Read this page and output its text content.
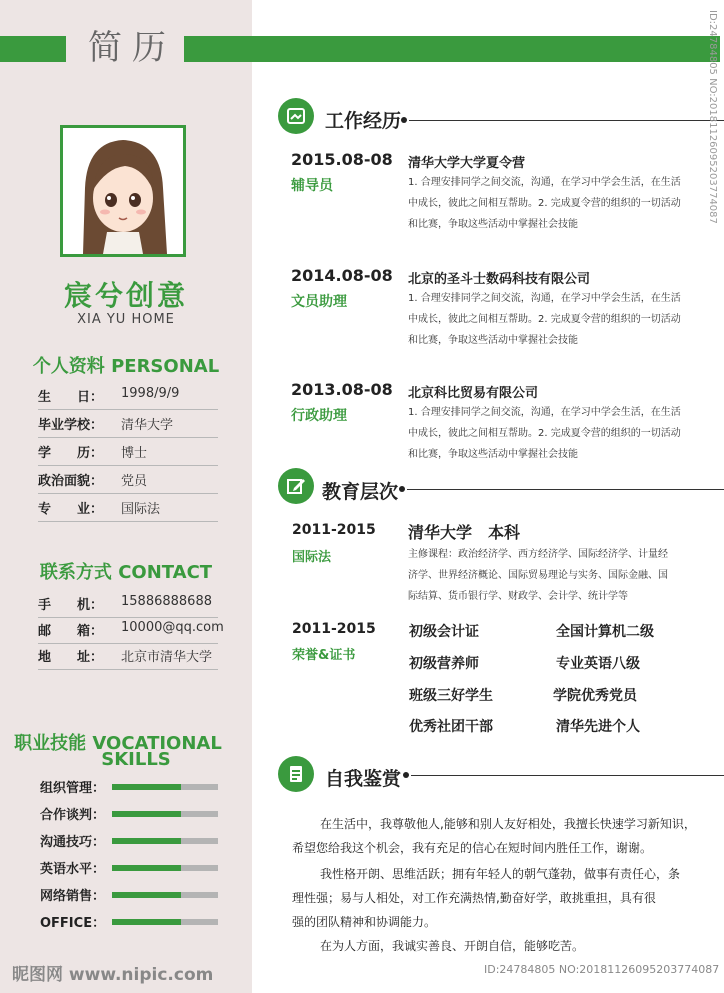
简历
宸兮创意
XIA YU HOME
个人资料 PERSONAL
生　　日： 1998/9/9
毕业学校： 清华大学
学　　历： 博士
政治面貌： 党员
专　　业： 国际法
联系方式 CONTACT
手　　机： 15886888688
邮　　箱： 10000@qq.com
地　　址： 北京市清华大学
职业技能 VOCATIONAL
SKILLS
组织管理：
合作谈判：
沟通技巧：
英语水平：
网络销售：
OFFICE：
工作经历
2015.08-08
辅导员
清华大学大学夏令营
1. 合理安排同学之间交流，沟通，在学习中学会生活，在生活
中成长，彼此之间相互帮助。2. 完成夏令营的组织的一切活动
和比赛，争取这些活动中掌握社会技能
2014.08-08
文员助理
北京的圣斗士数码科技有限公司
1. 合理安排同学之间交流，沟通，在学习中学会生活，在生活
中成长，彼此之间相互帮助。2. 完成夏令营的组织的一切活动
和比赛，争取这些活动中掌握社会技能
2013.08-08
行政助理
北京科比贸易有限公司
1. 合理安排同学之间交流，沟通，在学习中学会生活，在生活
中成长，彼此之间相互帮助。2. 完成夏令营的组织的一切活动
和比赛，争取这些活动中掌握社会技能
教育层次
2011-2015
国际法
清华大学　本科
主修课程：政治经济学、西方经济学、国际经济学、计量经
济学、世界经济概论、国际贸易理论与实务、国际金融、国
际结算、货币银行学、财政学、会计学、统计学等
2011-2015
荣誉&证书
初级会计证	全国计算机二级
初级营养师	专业英语八级
班级三好学生	学院优秀党员
优秀社团干部	清华先进个人
自我鉴赏
在生活中，我尊敬他人,能够和别人友好相处，我擅长快速学习新知识，
希望您给我这个机会，我有充足的信心在短时间内胜任工作，谢谢。
我性格开朗、思维活跃；拥有年轻人的朝气蓬勃，做事有责任心，条
理性强；易与人相处，对工作充满热情,勤奋好学，敢挑重担，具有很
强的团队精神和协调能力。
在为人方面，我诚实善良、开朗自信，能够吃苦。
昵图网 www.nipic.com	ID:24784805 NO:20181126095203774087
ID:24784805 NO:20181126095203774087
